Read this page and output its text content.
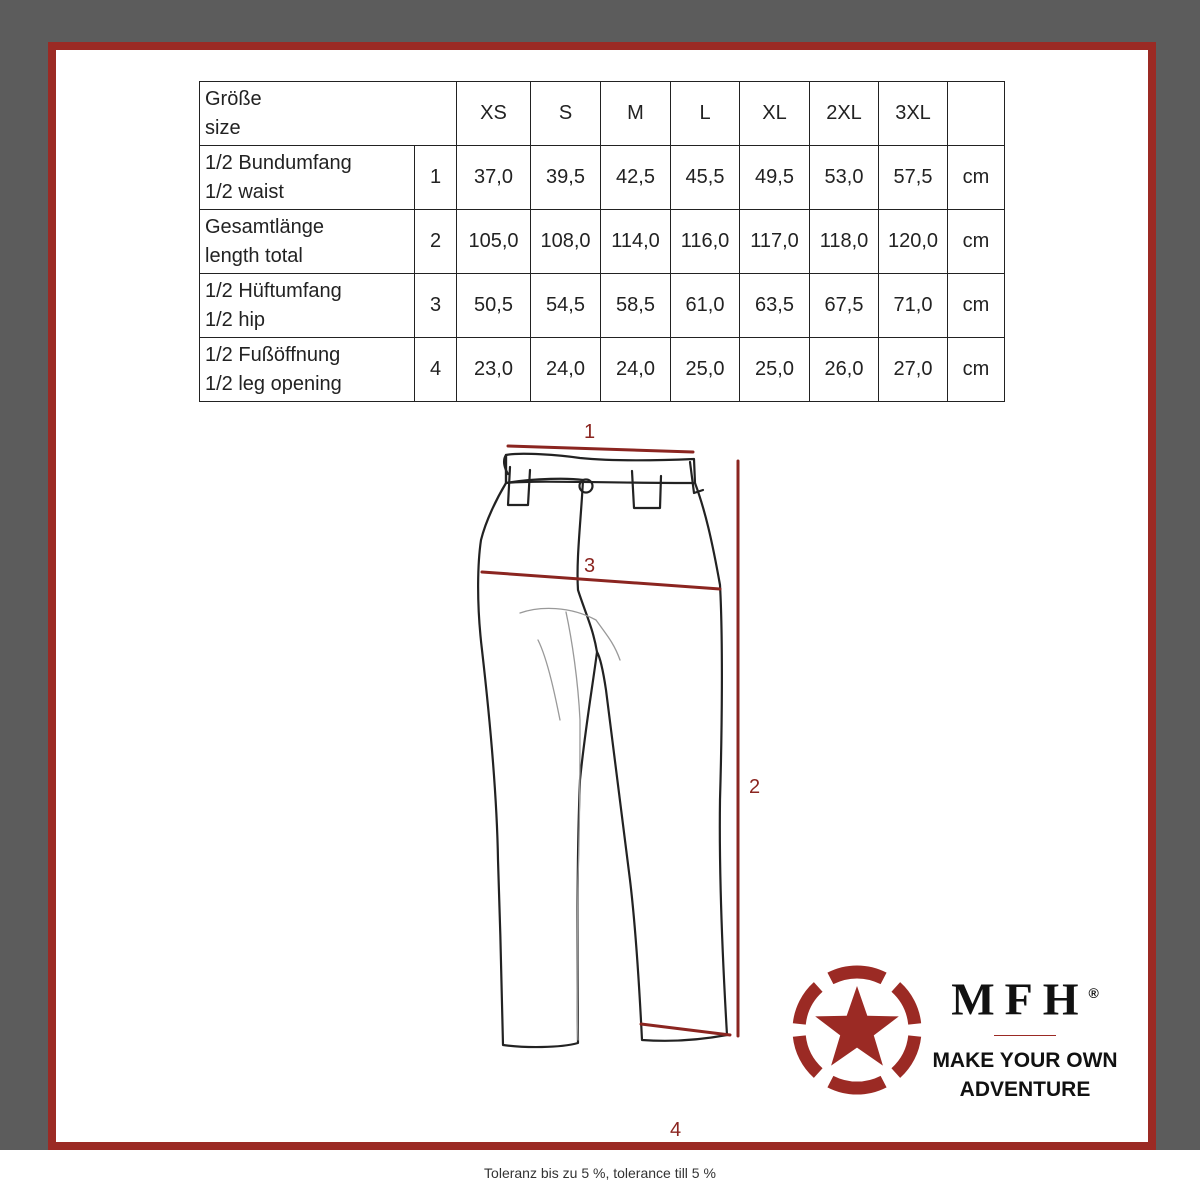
Größe
size		XS	S	M	L	XL	2XL	3XL	

1/2 Bundumfang
1/2 waist	1	37,0	39,5	42,5	45,5	49,5	53,0	57,5	cm

Gesamtlänge
length total	2	105,0	108,0	114,0	116,0	117,0	118,0	120,0	cm

1/2 Hüftumfang
1/2 hip	3	50,5	54,5	58,5	61,0	63,5	67,5	71,0	cm

1/2 Fußöffnung
1/2 leg opening	4	23,0	24,0	24,0	25,0	25,0	26,0	27,0	cm
1
3
2
4
MFH®
MAKE YOUR OWN
ADVENTURE
Toleranz bis zu 5 %, tolerance till 5 %
